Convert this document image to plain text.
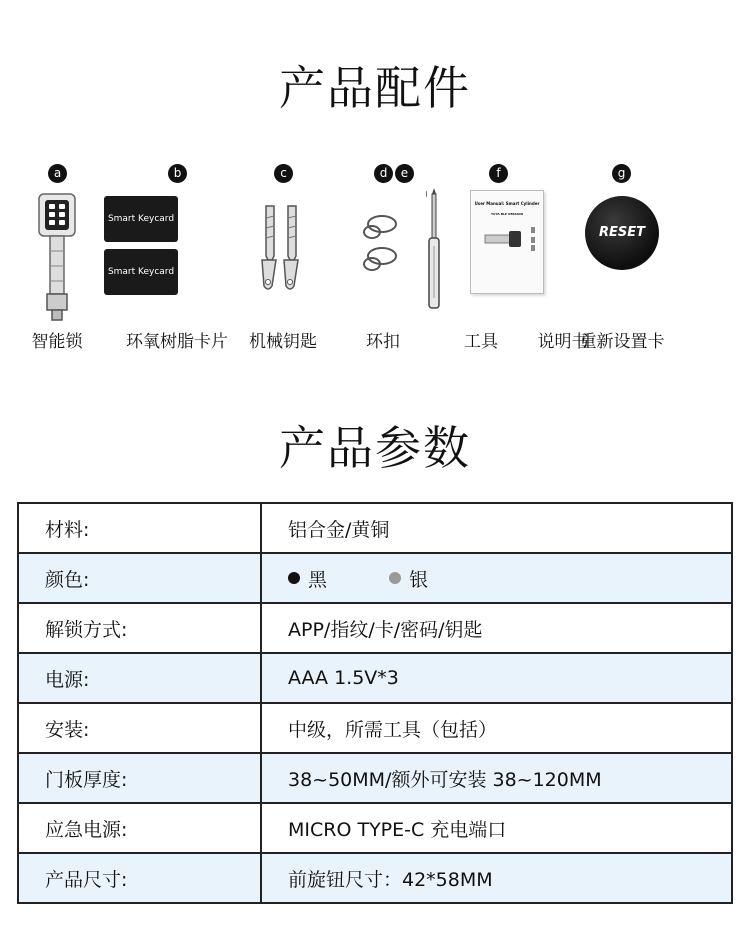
产品配件
a
智能锁
b
Smart Keycard
Smart Keycard
环氧树脂卡片
c
机械钥匙
d
环扣
e
工具
f
User Manual: Smart Cylinder
TUYA BLE VERSION
说明书
g
RESET
重新设置卡
产品参数
材料:	铝合金/黄铜
颜色:	黑 银
解锁方式:	APP/指纹/卡/密码/钥匙
电源:	AAA 1.5V*3
安装:	中级，所需工具（包括）
门板厚度:	38~50MM/额外可安装 38~120MM
应急电源:	MICRO TYPE-C 充电端口
产品尺寸:	前旋钮尺寸：42*58MM
